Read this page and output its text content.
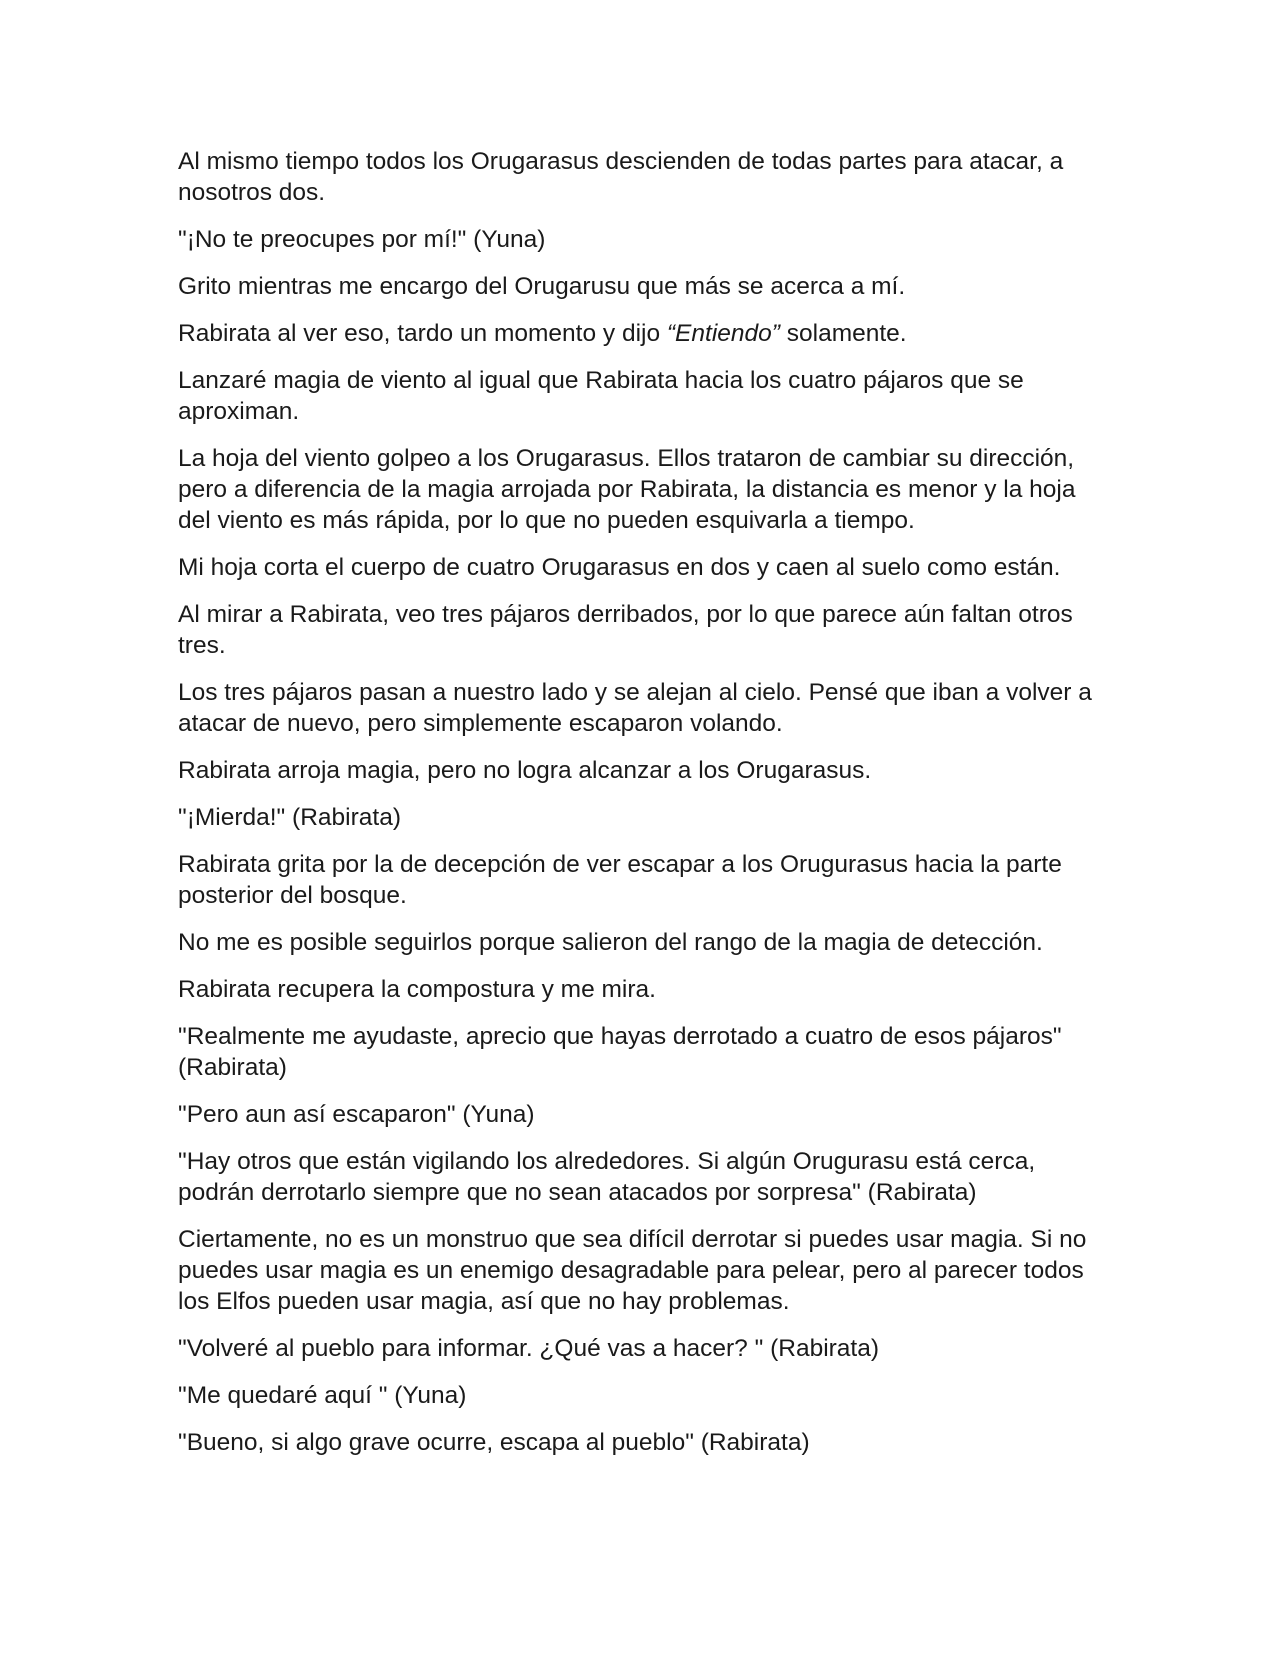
Al mismo tiempo todos los Orugarasus descienden de todas partes para atacar, a nosotros dos.

"¡No te preocupes por mí!" (Yuna)

Grito mientras me encargo del Orugarusu que más se acerca a mí.

Rabirata al ver eso, tardo un momento y dijo “Entiendo” solamente.

Lanzaré magia de viento al igual que Rabirata hacia los cuatro pájaros que se aproximan.

La hoja del viento golpeo a los Orugarasus. Ellos trataron de cambiar su dirección, pero a diferencia de la magia arrojada por Rabirata, la distancia es menor y la hoja del viento es más rápida, por lo que no pueden esquivarla a tiempo.

Mi hoja corta el cuerpo de cuatro Orugarasus en dos y caen al suelo como están.

Al mirar a Rabirata, veo tres pájaros derribados, por lo que parece aún faltan otros tres.

Los tres pájaros pasan a nuestro lado y se alejan al cielo. Pensé que iban a volver a atacar de nuevo, pero simplemente escaparon volando.

Rabirata arroja magia, pero no logra alcanzar a los Orugarasus.

"¡Mierda!" (Rabirata)

Rabirata grita por la de decepción de ver escapar a los Orugurasus hacia la parte posterior del bosque.

No me es posible seguirlos porque salieron del rango de la magia de detección.

Rabirata recupera la compostura y me mira.

"Realmente me ayudaste, aprecio que hayas derrotado a cuatro de esos pájaros" (Rabirata)

"Pero aun así escaparon" (Yuna)

"Hay otros que están vigilando los alrededores. Si algún Orugurasu está cerca, podrán derrotarlo siempre que no sean atacados por sorpresa" (Rabirata)

Ciertamente, no es un monstruo que sea difícil derrotar si puedes usar magia. Si no puedes usar magia es un enemigo desagradable para pelear, pero al parecer todos los Elfos pueden usar magia, así que no hay problemas.

"Volveré al pueblo para informar. ¿Qué vas a hacer? " (Rabirata)

"Me quedaré aquí " (Yuna)

"Bueno, si algo grave ocurre, escapa al pueblo" (Rabirata)
